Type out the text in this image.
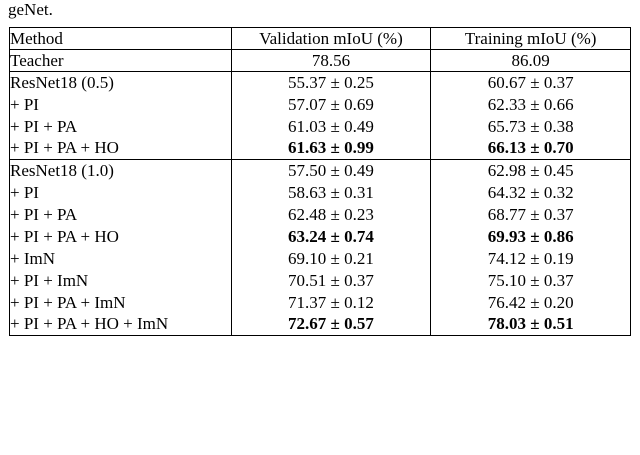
geNet.
Method	Validation mIoU (%)	Training mIoU (%)
Teacher	78.56	86.09
ResNet18 (0.5)	55.37 ± 0.25	60.67 ± 0.37
+ PI	57.07 ± 0.69	62.33 ± 0.66
+ PI + PA	61.03 ± 0.49	65.73 ± 0.38
+ PI + PA + HO	61.63 ± 0.99	66.13 ± 0.70
ResNet18 (1.0)	57.50 ± 0.49	62.98 ± 0.45
+ PI	58.63 ± 0.31	64.32 ± 0.32
+ PI + PA	62.48 ± 0.23	68.77 ± 0.37
+ PI + PA + HO	63.24 ± 0.74	69.93 ± 0.86
+ ImN	69.10 ± 0.21	74.12 ± 0.19
+ PI + ImN	70.51 ± 0.37	75.10 ± 0.37
+ PI + PA + ImN	71.37 ± 0.12	76.42 ± 0.20
+ PI + PA + HO + ImN	72.67 ± 0.57	78.03 ± 0.51
